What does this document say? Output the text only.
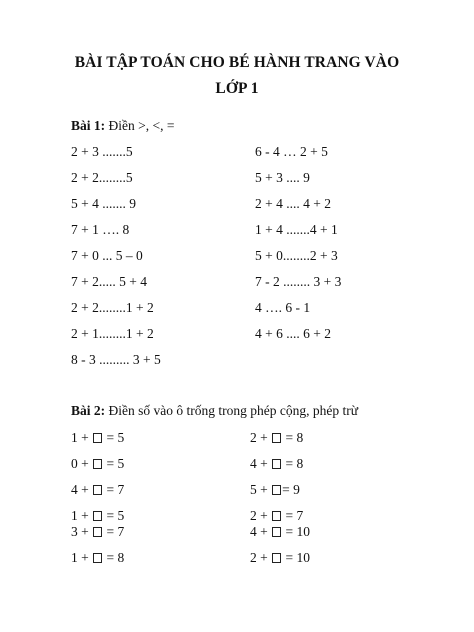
BÀI TẬP TOÁN CHO BÉ HÀNH TRANG VÀO
LỚP 1
Bài 1: Điền >, <, =
2 + 3 .......5
2 + 2........5
5 + 4 ....... 9
7 + 1 …. 8
7 + 0 ... 5 – 0
7 + 2..... 5 + 4
2 + 2........1 + 2
2 + 1........1 + 2
8 - 3 ......... 3 + 5
6 - 4 … 2 + 5
5 + 3 .... 9
2 + 4 .... 4 + 2
1 + 4 .......4 + 1
5 + 0........2 + 3
7 - 2 ........ 3 + 3
4 …. 6 - 1
4 + 6 .... 6 + 2
Bài 2: Điền số vào ô trống trong phép cộng, phép trừ
1 +  = 5
0 +  = 5
4 +  = 7
1 +  = 5
3 +  = 7
1 +  = 8
2 +  = 8
4 +  = 8
5 + = 9
2 +  = 7
4 +  = 10
2 +  = 10
